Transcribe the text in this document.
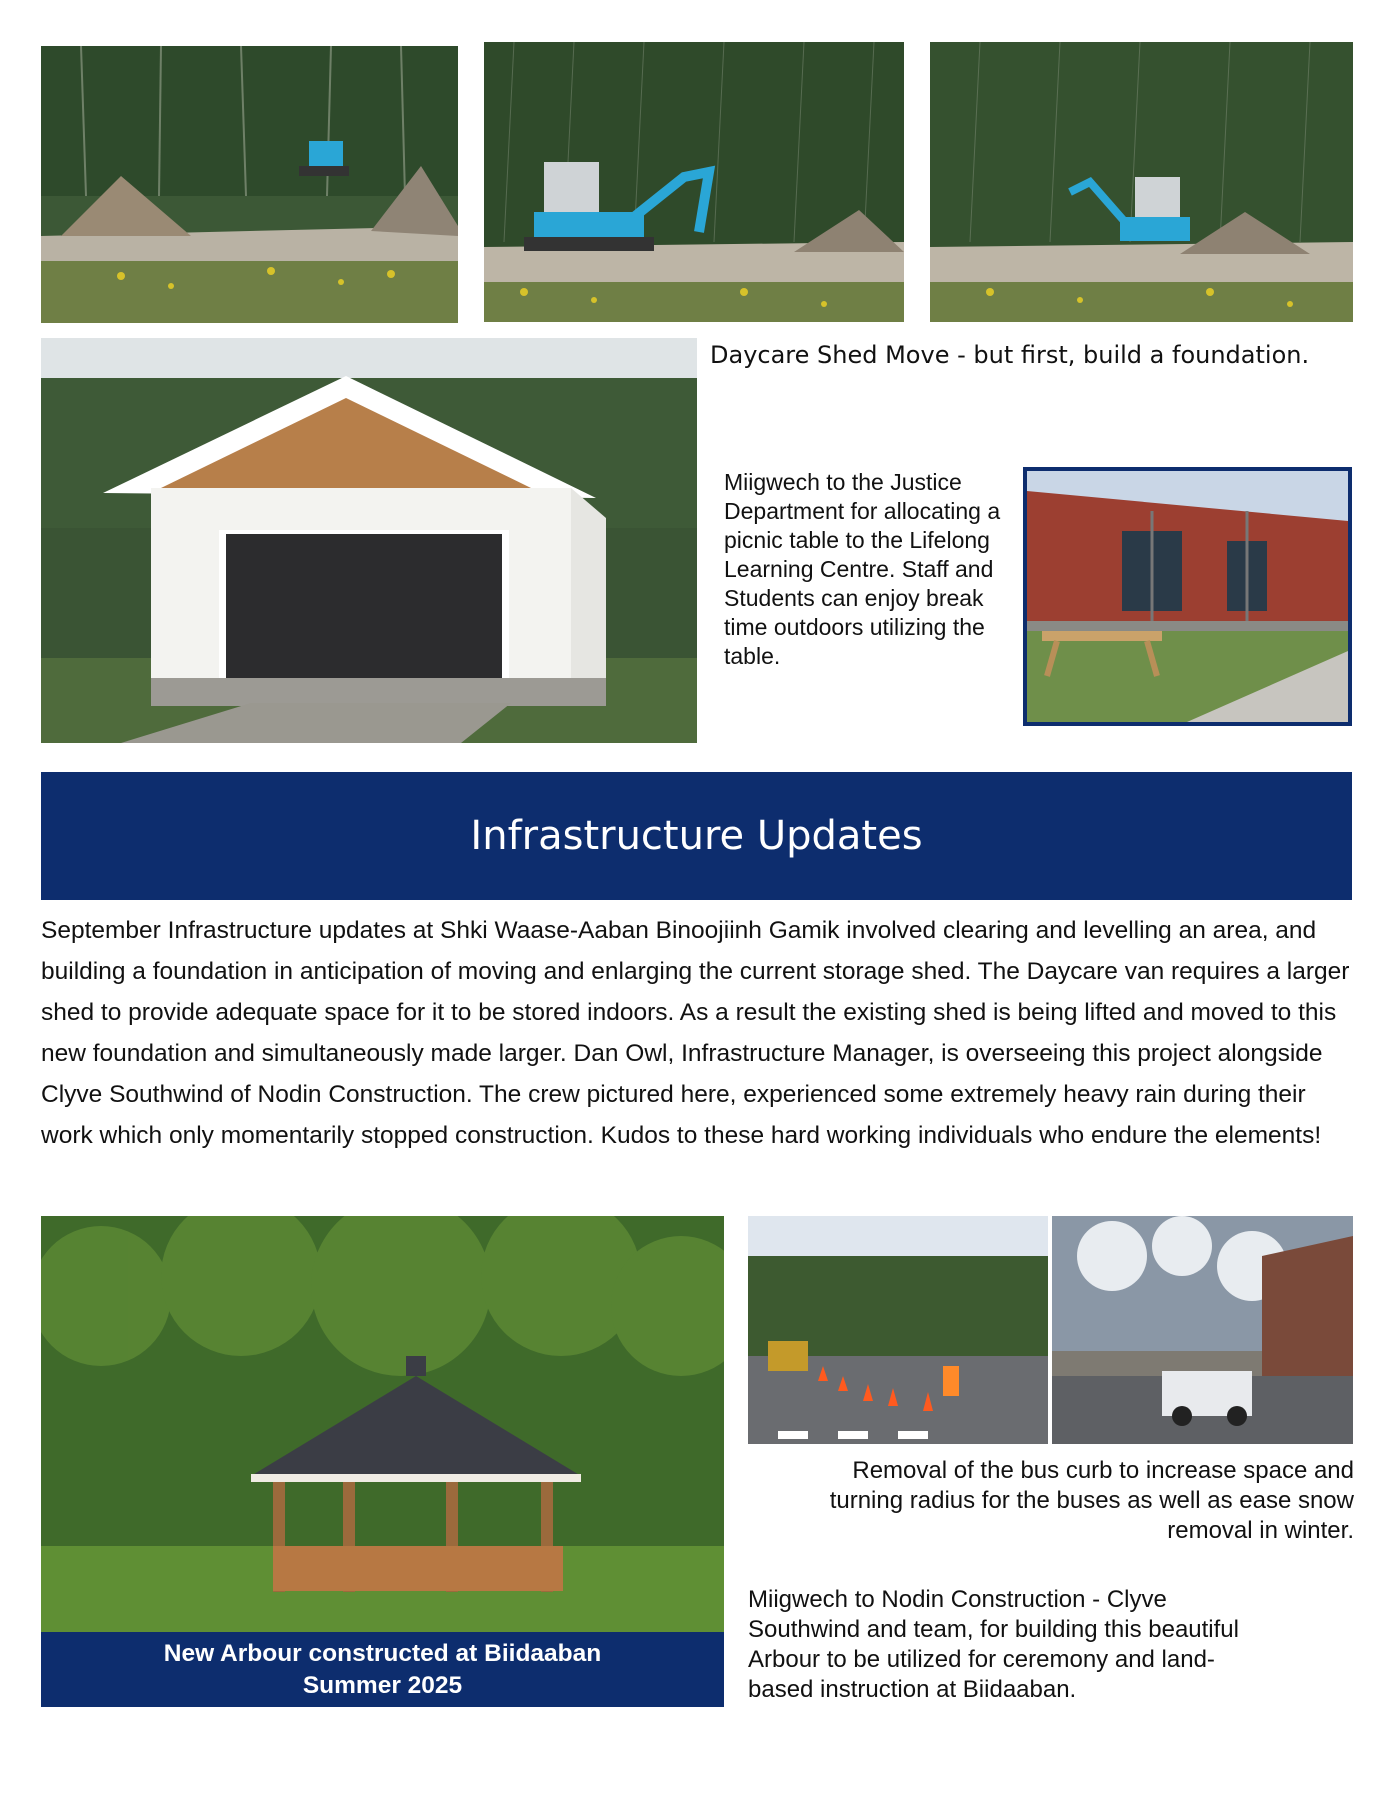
Daycare Shed Move - but first, build a foundation.
Miigwech to the Justice Department for allocating a picnic table to the Lifelong Learning Centre. Staff and Students can enjoy break time outdoors utilizing the table.
Infrastructure Updates
September Infrastructure updates at Shki Waase-Aaban Binoojiinh Gamik involved clearing and levelling an area, and building a foundation in anticipation of moving and enlarging the current storage shed. The Daycare van requires a larger shed to provide adequate space for it to be stored indoors. As a result the existing shed is being lifted and moved to this new foundation and simultaneously made larger. Dan Owl, Infrastructure Manager, is overseeing this project alongside Clyve Southwind of Nodin Construction. The crew pictured here, experienced some extremely heavy rain during their work which only momentarily stopped construction. Kudos to these hard working individuals who endure the elements!
New Arbour constructed at Biidaaban
Summer 2025
Removal of the bus curb to increase space and turning radius for the buses as well as ease snow removal in winter.
Miigwech to Nodin Construction - Clyve Southwind and team, for building this beautiful Arbour to be utilized for ceremony and land-based instruction at Biidaaban.
